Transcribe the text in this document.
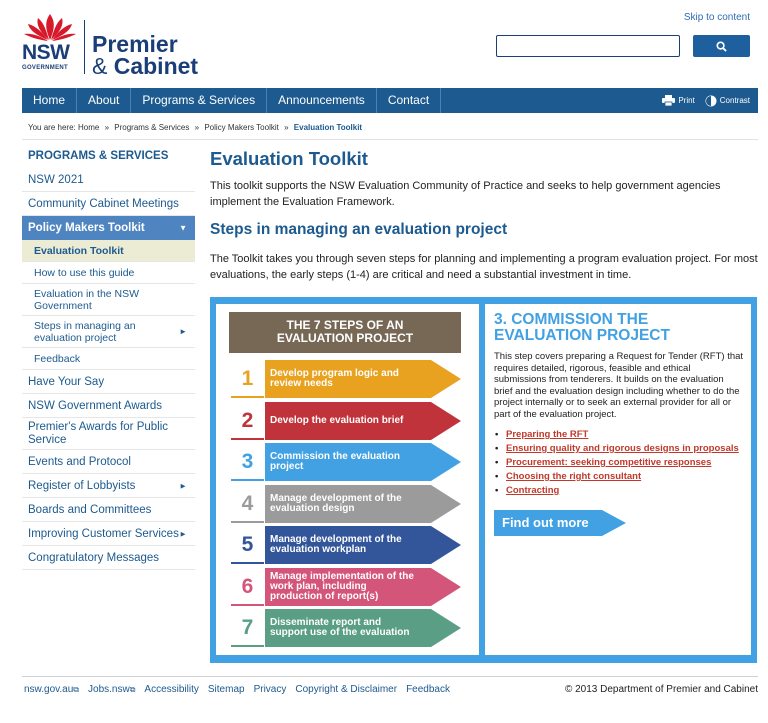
Skip to content
NSW
GOVERNMENT
Premier
& Cabinet
Home	About	Programs & Services	Announcements	Contact	Print	Contrast
You are here: Home » Programs & Services » Policy Makers Toolkit » Evaluation Toolkit
PROGRAMS & SERVICES
NSW 2021
Community Cabinet Meetings
Policy Makers Toolkit	▼
Evaluation Toolkit
How to use this guide
Evaluation in the NSW Government
Steps in managing an evaluation project
►
Feedback
Have Your Say
NSW Government Awards
Premier's Awards for Public Service
Events and Protocol
Register of Lobbyists	►
Boards and Committees
Improving Customer Services ►
Congratulatory Messages
Evaluation Toolkit

This toolkit supports the NSW Evaluation Community of Practice and seeks to help government agencies implement the Evaluation Framework.

Steps in managing an evaluation project

The Toolkit takes you through seven steps for planning and implementing a program evaluation project. For most evaluations, the early steps (1-4) are critical and need a substantial investment in time.

THE 7 STEPS OF AN
EVALUATION PROJECT
1	Develop program logic and review needs
2	Develop the evaluation brief
3	Commission the evaluation project
4	Manage development of the evaluation design
5	Manage development of the evaluation workplan
6	Manage implementation of the work plan, including production of report(s)
7	Disseminate report and support use of the evaluation
3. COMMISSION THE
EVALUATION PROJECT
This step covers preparing a Request for Tender (RFT) that requires detailed, rigorous, feasible and ethical submissions from tenderers. It builds on the evaluation brief and the evaluation design including whether to do the project internally or to seek an external provider for all or part of the evaluation project.
• Preparing the RFT
• Ensuring quality and rigorous designs in proposals
• Procurement: seeking competitive responses
• Choosing the right consultant
• Contracting
Find out more
nsw.gov.au⧉ Jobs.nsw⧉ Accessibility Sitemap Privacy Copyright & Disclaimer Feedback	© 2013 Department of Premier and Cabinet
